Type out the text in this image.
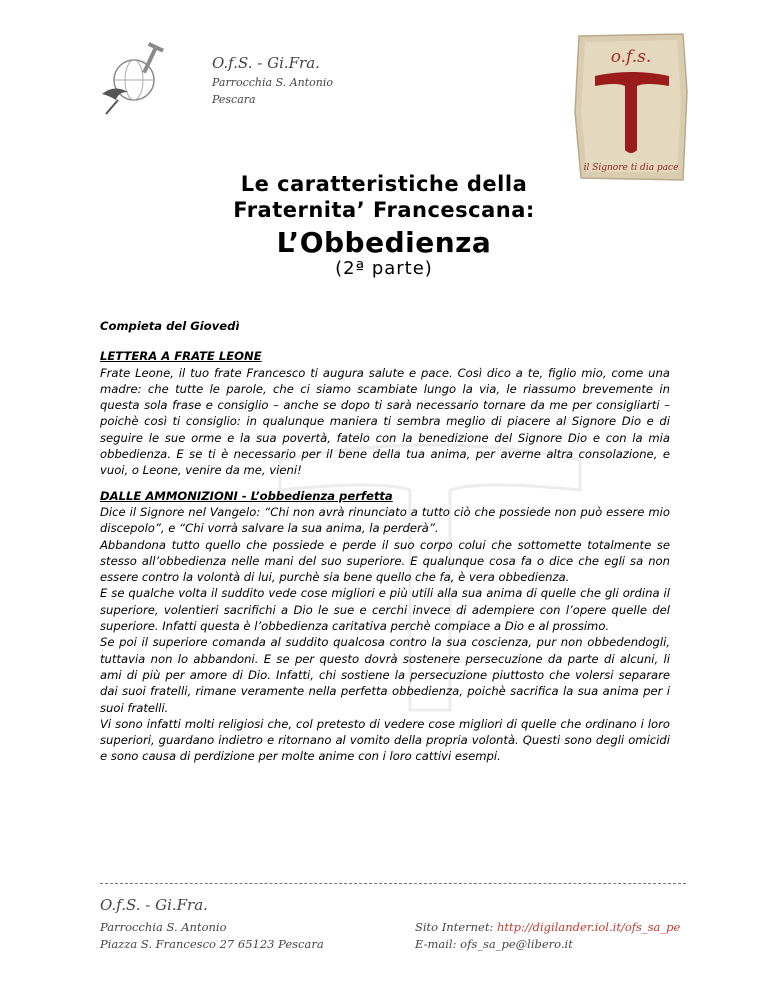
O.f.S. - Gi.Fra.
Parrocchia S. Antonio
Pescara
o.f.s.
il Signore ti dia pace
Le caratteristiche della
Fraternita’ Francescana:
L’Obbedienza
(2ª parte)

Compieta del Giovedì

LETTERA A FRATE LEONE

Frate Leone, il tuo frate Francesco ti augura salute e pace. Così dico a te, figlio mio, come una madre: che tutte le parole, che ci siamo scambiate lungo la via, le riassumo brevemente in questa sola frase e consiglio – anche se dopo ti sarà necessario tornare da me per consigliarti – poichè così ti consiglio: in qualunque maniera ti sembra meglio di piacere al Signore Dio e di seguire le sue orme e la sua povertà, fatelo con la benedizione del Signore Dio e con la mia obbedienza. E se ti è necessario per il bene della tua anima, per averne altra consolazione, e vuoi, o Leone, venire da me, vieni!

DALLE AMMONIZIONI - L’obbedienza perfetta

Dice il Signore nel Vangelo: “Chi non avrà rinunciato a tutto ciò che possiede non può essere mio discepolo”, e “Chi vorrà salvare la sua anima, la perderà”.

Abbandona tutto quello che possiede e perde il suo corpo colui che sottomette totalmente se stesso all’obbedienza nelle mani del suo superiore. E qualunque cosa fa o dice che egli sa non essere contro la volontà di lui, purchè sia bene quello che fa, è vera obbedienza.

E se qualche volta il suddito vede cose migliori e più utili alla sua anima di quelle che gli ordina il superiore, volentieri sacrifichi a Dio le sue e cerchi invece di adempiere con l’opere quelle del superiore. Infatti questa è l’obbedienza caritativa perchè compiace a Dio e al prossimo.

Se poi il superiore comanda al suddito qualcosa contro la sua coscienza, pur non obbedendogli, tuttavia non lo abbandoni. E se per questo dovrà sostenere persecuzione da parte di alcuni, li ami di più per amore di Dio. Infatti, chi sostiene la persecuzione piuttosto che volersi separare dai suoi fratelli, rimane veramente nella perfetta obbedienza, poichè sacrifica la sua anima per i suoi fratelli.

Vi sono infatti molti religiosi che, col pretesto di vedere cose migliori di quelle che ordinano i loro superiori, guardano indietro e ritornano al vomito della propria volontà. Questi sono degli omicidi e sono causa di perdizione per molte anime con i loro cattivi esempi.

O.f.S. - Gi.Fra.
Parrocchia S. Antonio
Piazza S. Francesco 27 65123 Pescara
Sito Internet: http://digilander.iol.it/ofs_sa_pe
E-mail: ofs_sa_pe@libero.it
